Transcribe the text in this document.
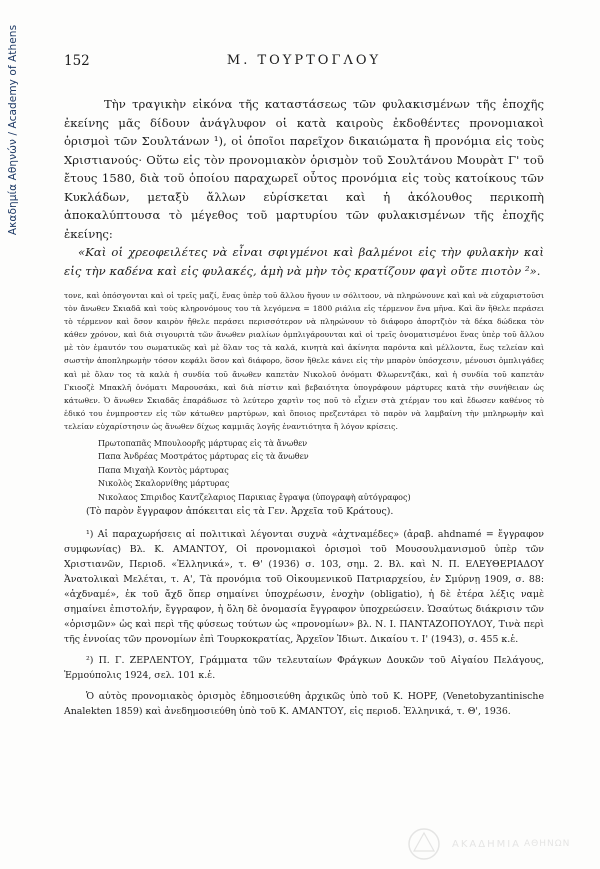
Ακαδημία Αθηνών / Academy of Athens	152	Μ. ΤΟΥΡΤΟΓΛΟΥ

Τὴν τραγικὴν εἰκόνα τῆς καταστάσεως τῶν φυλακισμένων τῆς ἐποχῆς ἐκείνης μᾶς δίδουν ἀνάγλυφον οἱ κατὰ καιροὺς ἐκδοθέντες προνομιακοὶ ὁρισμοὶ τῶν Σουλτάνων ¹), οἱ ὁποῖοι παρεῖχον δικαιώματα ἢ προνόμια εἰς τοὺς Χριστιανούς· Οὕτω εἰς τὸν προνομιακὸν ὁρισμὸν τοῦ Σουλτάνου Μουρὰτ Γ' τοῦ ἔτους 1580, διὰ τοῦ ὁποίου παραχωρεῖ οὗτος προνόμια εἰς τοὺς κατοίκους τῶν Κυκλάδων, μεταξὺ ἄλλων εὑρίσκεται καὶ ἡ ἀκόλουθος περικοπὴ ἀποκαλύπτουσα τὸ μέγεθος τοῦ μαρτυρίου τῶν φυλακισμένων τῆς ἐποχῆς ἐκείνης:

«Καὶ οἱ χρεοφειλέτες νὰ εἶναι σφιγμένοι καὶ βαλμένοι εἰς τὴν φυλακὴν καὶ εἰς τὴν καδένα καὶ εἰς φυλακές, ἀμὴ νὰ μὴν τὸς κρατίζουν φαγὶ οὔτε πιοτὸν ²».

τονε, καὶ ὁπόσγονται καὶ οἱ τρεῖς μαζί, ἕνας ὑπὲρ τοῦ ἄλλου ἤγουν ιν σόλιτοον, νὰ πληρώνουνε καὶ καὶ νὰ εὐχαριστοῦσι τὸν ἄνωθεν Σκιαδᾶ καὶ τοὺς κληρονόμους του τὰ λεγόμενα = 1800 ριάλια εἰς τέρμενον ἕνα μῆνα. Καὶ ἂν ἤθελε περάσει τὸ τέρμενον καὶ ὅσον καιρὸν ἤθελε περάσει περισσότερον νὰ πληρώνουν τὸ διάφορο ἀπορτζιὸν τὰ δέκα δώδεκα τὸν κάθεν χρόνον, καὶ διὰ σιγουριτὰ τῶν ἄνωθεν ριαλίων ὀμπλιγάρουνται καὶ οἱ τρεῖς ὀνοματισμένοι ἕνας ὑπὲρ τοῦ ἄλλου μὲ τὸν ἐμαυτόν του σωματικῶς καὶ μὲ ὅλαν τος τὰ καλά, κινητὰ καὶ ἀκίνητα παρόντα καὶ μέλλοντα, ἕως τελείαν καὶ σωστὴν ἀποπληρωμὴν τόσον κεφάλι ὅσον καὶ διάφορο, ὅσον ἤθελε κάνει εἰς τὴν μπαρὸν ὑπόσχεσιν, μένουσι ὀμπλιγάδες καὶ μὲ ὅλαν τος τὰ καλὰ ἡ συνδία τοῦ ἄνωθεν καπετὰν Νικολοῦ ὀνόματι Φλωρεντζάκι, καὶ ἡ συνδία τοῦ καπετὰν Γκιοοζὲ Μπακλῆ ὀνόματι Μαρουσάκι, καὶ διὰ πίστιν καὶ βεβαιότητα ὑπογράφουν μάρτυρες κατὰ τὴν συνήθειαν ὡς κάτωθεν. Ὁ ἄνωθεν Σκιαδᾶς ἐπαράδωσε τὸ λεύτερο χαρτὶν τος ποῦ τὸ εἶχιεν στὰ χτέρι̯αν του καὶ ἔδωσεν καθένος τὸ ἑδικό του ἐνμπροστεν εἰς τῶν κάτωθεν μαρτύρων, καὶ ὅποιος πρεζεντάρει τὸ παρὸν νὰ λαμβαίνη τὴν μπληρωμὴν καὶ τελείαν εὐχαρίστησιν ὡς ἄνωθεν δίχως καμμιᾶς λογῆς ἐναντιότητα ἢ λόγον κρίσεις.

Πρωτοπαπᾶς Μπουλοορῆς μάρτυρας εἰς τὰ ἄνωθεν

Παπα Ἀνδρέας Μοστράτος μάρτυρας εἰς τὰ ἄνωθεν

Παπα Μιχαὴλ Κοντὸς μάρτυρας

Νικολὸς Σκαλορνίθης μάρτυρας

Νικολαος Σπιριδος Καντζελαριος Παρικιας ἔγραψα (ὑπογραφὴ αὐτόγραφος)

(Τὸ παρὸν ἔγγραφον ἀπόκειται εἰς τὰ Γεν. Ἀρχεῖα τοῦ Κράτους).

¹) Αἱ παραχωρήσεις αἱ πολιτικαὶ λέγονται συχνὰ «ἀχτναμέδες» (ἀραβ. ahdnamé = ἔγγραφον συμφωνίας) Βλ. Κ. ΑΜΑΝΤΟΥ, Οἱ προνομιακοὶ ὁρισμοὶ τοῦ Μουσουλμανισμοῦ ὑπὲρ τῶν Χριστιανῶν, Περιοδ. «Ἑλληνικά», τ. Θ' (1936) σ. 103, σημ. 2. Βλ. καὶ Ν. Π. ΕΛΕΥΘΕΡΙΑΔΟΥ Ἀνατολικαὶ Μελέται, τ. Α', Τὰ προνόμια τοῦ Οἰκουμενικοῦ Πατριαρχείου, ἐν Σμύρνῃ 1909, σ. 88: «ἀχδναμέ», ἐκ τοῦ ἄχδ ὅπερ σημαίνει ὑποχρέωσιν, ἐνοχὴν (obligatio), ἡ δὲ ἑτέρα λέξις ναμὲ σημαίνει ἐπιστολήν, ἔγγραφον, ἡ ὅλη δὲ ὀνομασία ἔγγραφον ὑποχρεώσειν. Ὡσαύτως διάκρισιν τῶν «ὁρισμῶν» ὡς καὶ περὶ τῆς φύσεως τούτων ὡς «προνομίων» βλ. Ν. Ι. ΠΑΝΤΑΖΟΠΟΥΛΟΥ, Τινὰ περὶ τῆς ἐννοίας τῶν προνομίων ἐπὶ Τουρκοκρατίας, Ἀρχεῖον Ἰδιωτ. Δικαίου τ. Ι' (1943), σ. 455 κ.ἑ.

²) Π. Γ. ΖΕΡΛΕΝΤΟΥ, Γράμματα τῶν τελευταίων Φράγκων Δουκῶν τοῦ Αἰγαίου Πελάγους, Ἑρμούπολις 1924, σελ. 101 κ.ἑ.

Ὁ αὐτὸς προνομιακὸς ὁρισμὸς ἐδημοσιεύθη ἀρχικῶς ὑπὸ τοῦ Κ. HOPF, (Venetobyzantinische Analekten 1859) καὶ ἀνεδημοσιεύθη ὑπὸ τοῦ Κ. ΑΜΑΝΤΟΥ, εἰς περιοδ. Ἑλληνικά, τ. Θ', 1936.

ΑΚΑΔΗΜΙΑ ΑΘΗΝΩΝ
